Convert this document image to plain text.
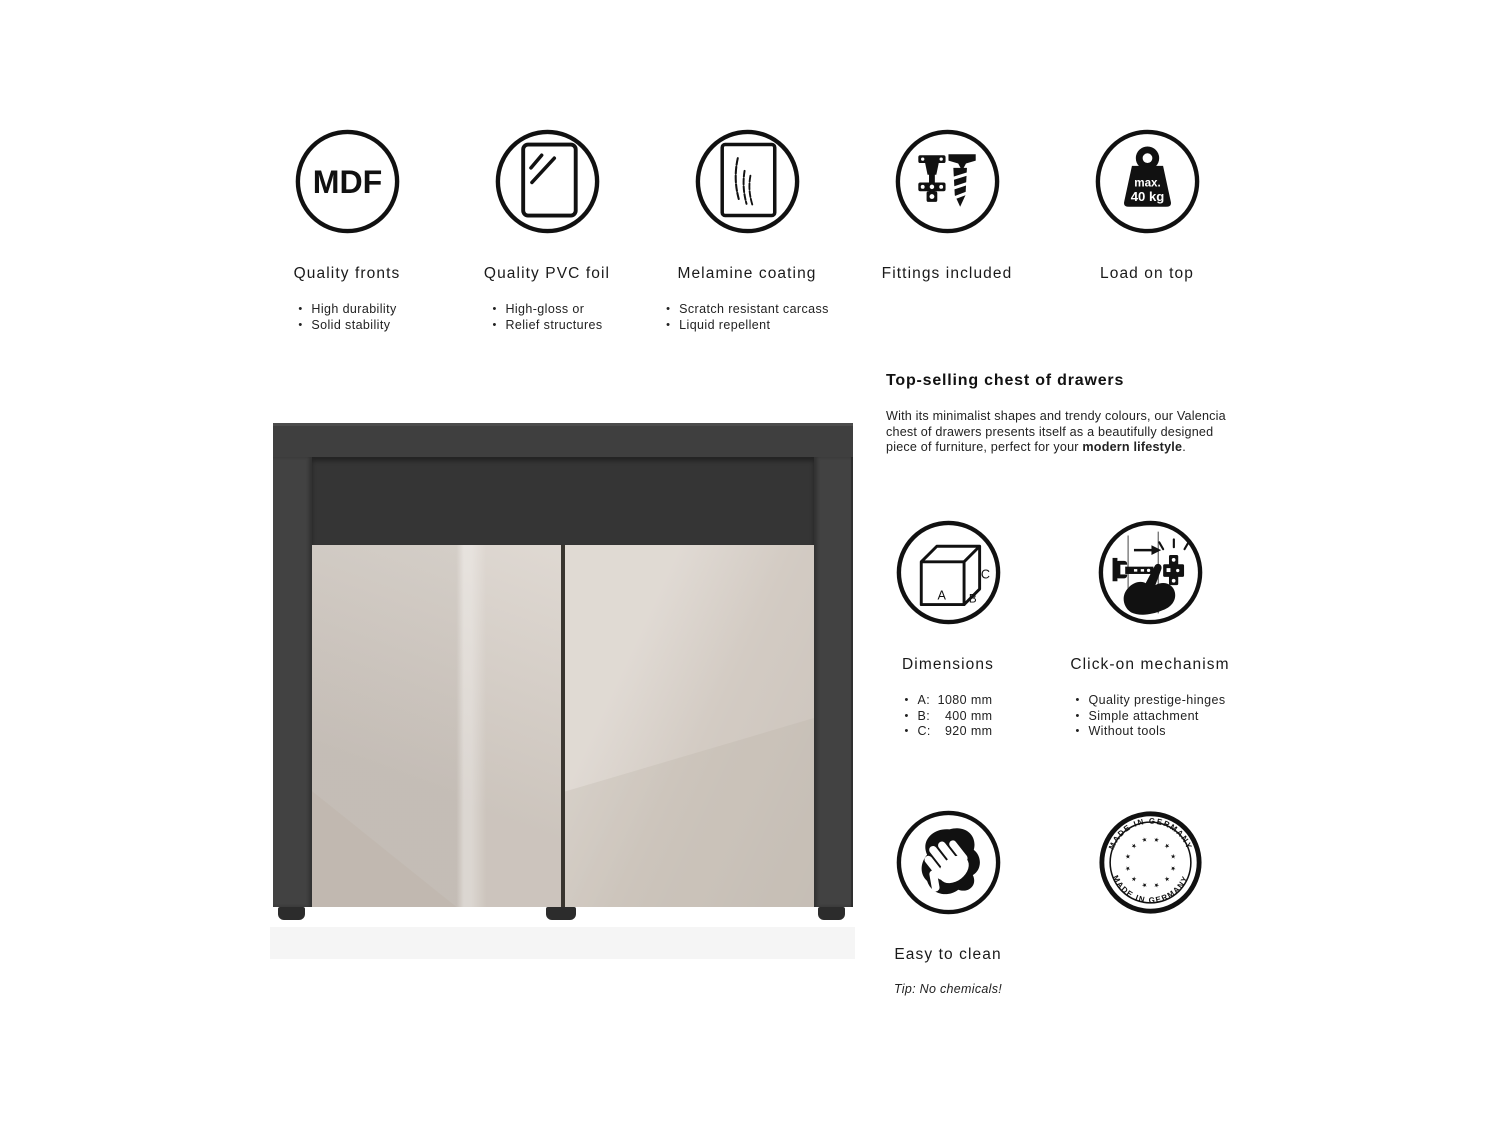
MDF
Quality fronts
• High durability
• Solid stability
Quality PVC foil
• High-gloss or
• Relief structures
Melamine coating
• Scratch resistant carcass
• Liquid repellent
Fittings included
max.
40 kg
Load on top
Top-selling chest of drawers

With its minimalist shapes and trendy colours, our Valencia chest of drawers presents itself as a beautifully designed piece of furniture, perfect for your modern lifestyle.

A B
C
Dimensions
• A: 1080 mm
• B: 400 mm
• C: 920 mm
Click-on mechanism
• Quality prestige-hinges
• Simple attachment
• Without tools
Easy to clean
Tip: No chemicals!
MADE IN GERMANY
MADE IN GERMANY
★
★
★
★
★
★
★
★
★
★
★
★
